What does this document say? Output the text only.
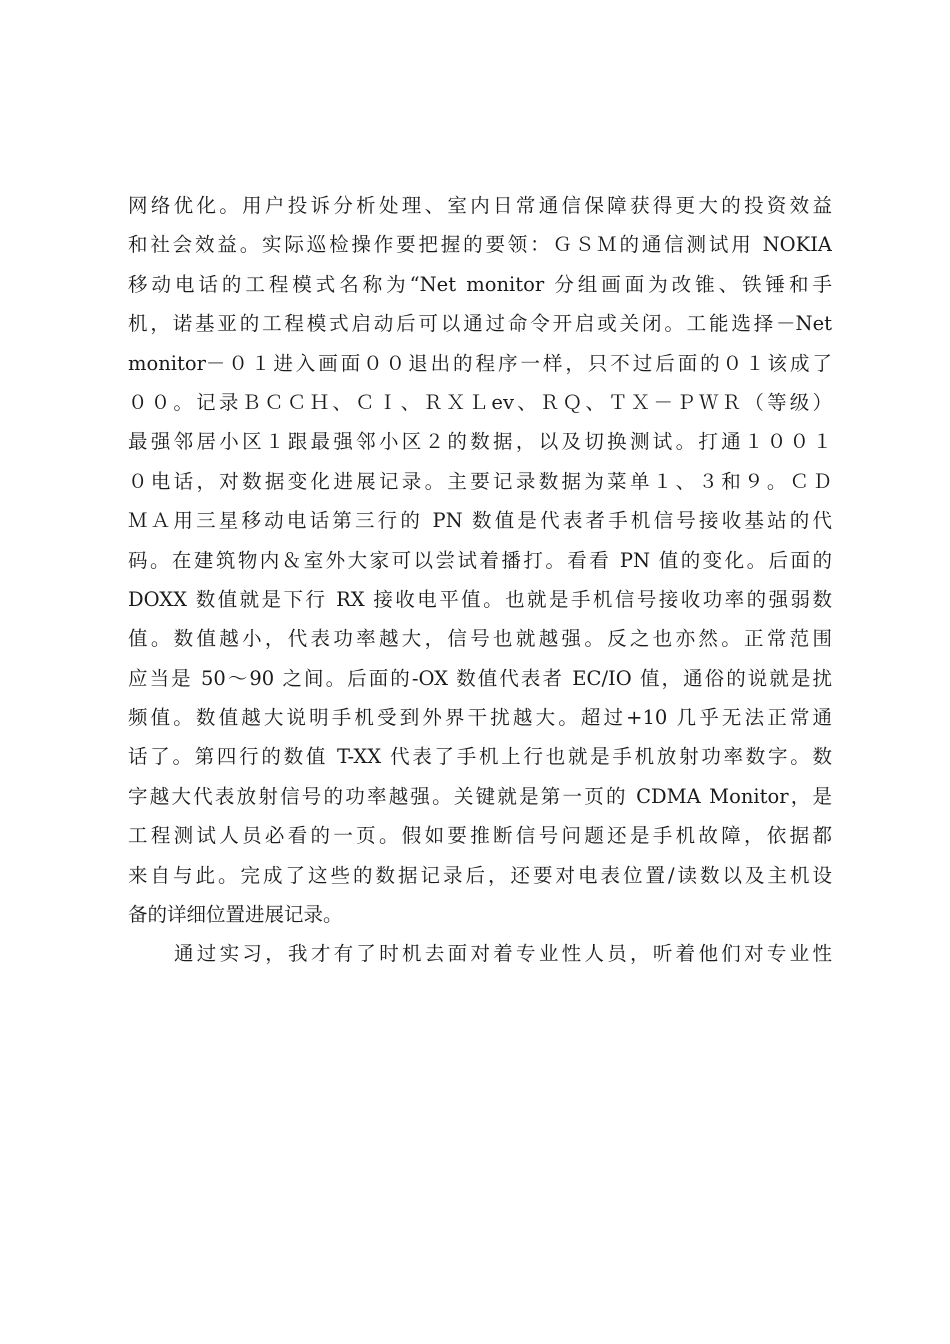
网络优化。用户投诉分析处理、室内日常通信保障获得更大的投资效益
和社会效益。实际巡检操作要把握的要领：ＧＳＭ的通信测试用 NOKIA
移动电话的工程模式名称为“Net monitor 分组画面为改锥、铁锤和手
机，诺基亚的工程模式启动后可以通过命令开启或关闭。工能选择－Net
monitor－０１进入画面００退出的程序一样，只不过后面的０１该成了
００。记录ＢＣＣＨ、ＣＩ、ＲＸＬev、ＲＱ、ＴＸ－ＰＷＲ（等级）
最强邻居小区１跟最强邻小区２的数据，以及切换测试。打通１００１
０电话，对数据变化进展记录。主要记录数据为菜单１、３和９。ＣＤ
ＭＡ用三星移动电话第三行的 PN 数值是代表者手机信号接收基站的代
码。在建筑物内＆室外大家可以尝试着播打。看看 PN 值的变化。后面的
DOXX 数值就是下行 RX 接收电平值。也就是手机信号接收功率的强弱数
值。数值越小，代表功率越大，信号也就越强。反之也亦然。正常范围
应当是 50～90 之间。后面的-OX 数值代表者 EC/IO 值，通俗的说就是扰
频值。数值越大说明手机受到外界干扰越大。超过+10 几乎无法正常通
话了。第四行的数值 T-XX 代表了手机上行也就是手机放射功率数字。数
字越大代表放射信号的功率越强。关键就是第一页的 CDMA Monitor，是
工程测试人员必看的一页。假如要推断信号问题还是手机故障，依据都
来自与此。完成了这些的数据记录后，还要对电表位置/读数以及主机设
备的详细位置进展记录。
通过实习，我才有了时机去面对着专业性人员，听着他们对专业性
